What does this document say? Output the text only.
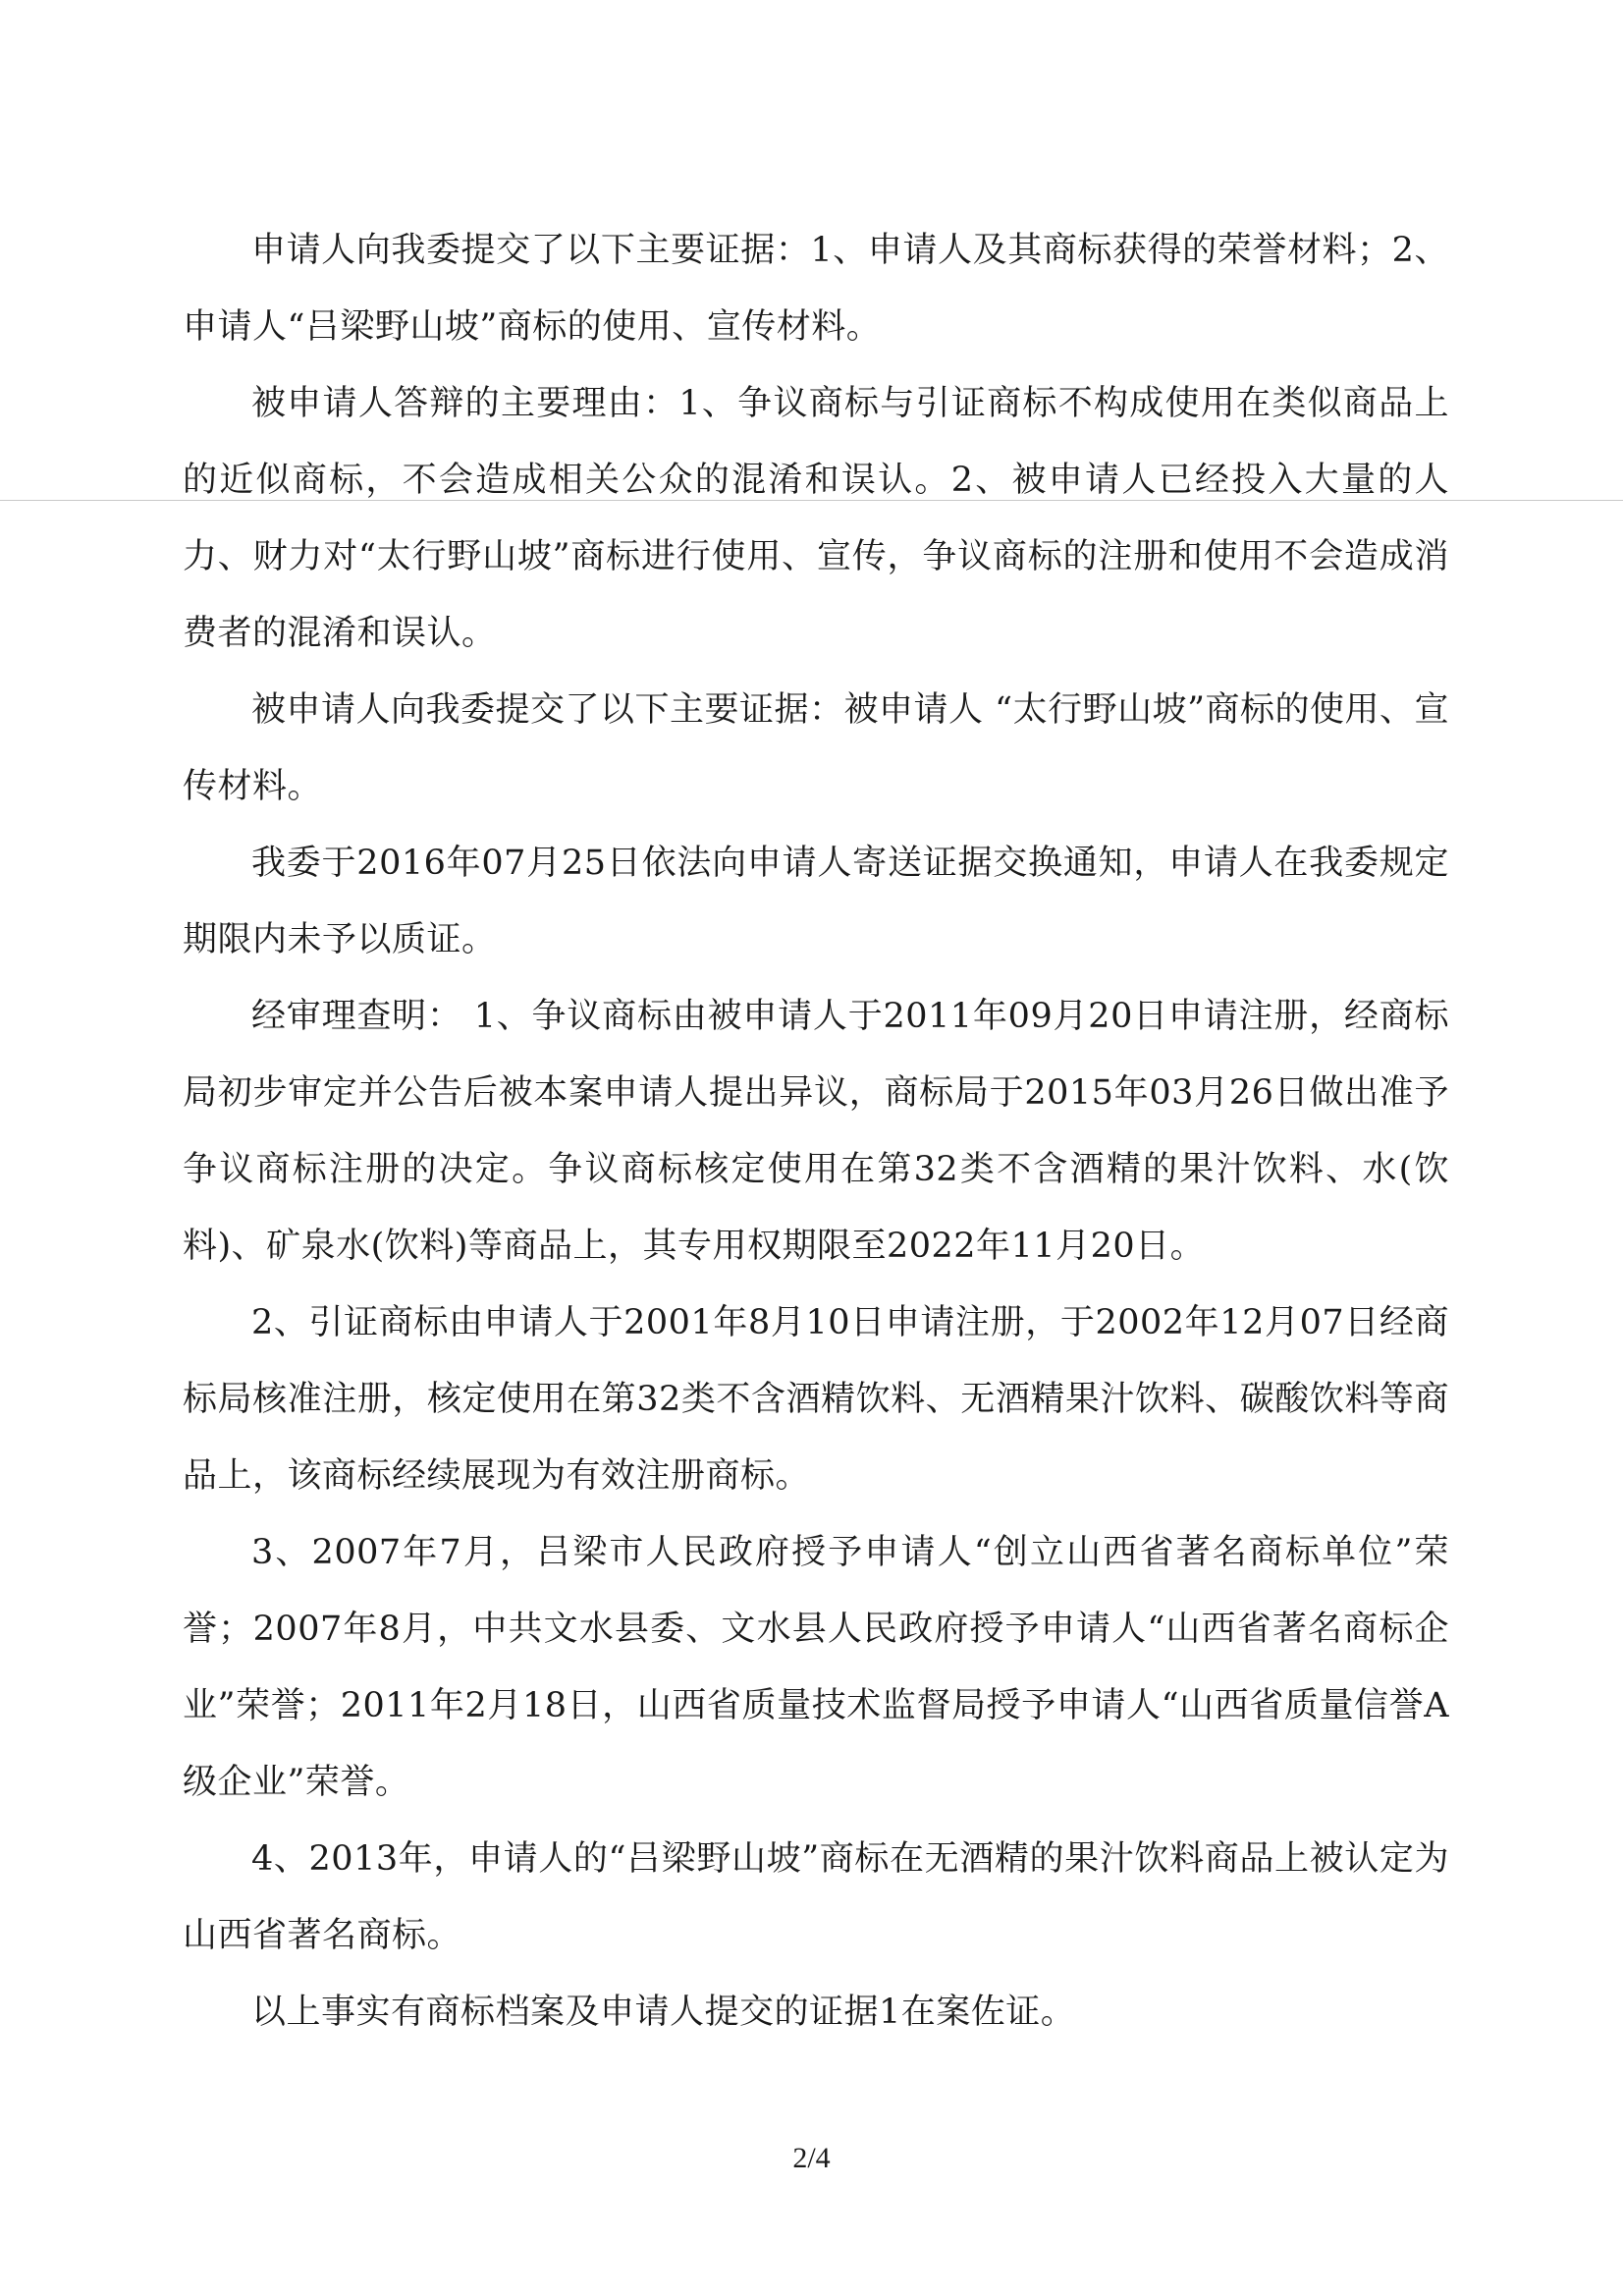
申请人向我委提交了以下主要证据：1、申请人及其商标获得的荣誉材料；2、申请人“吕梁野山坡”商标的使用、宣传材料。

被申请人答辩的主要理由：1、争议商标与引证商标不构成使用在类似商品上的近似商标，不会造成相关公众的混淆和误认。2、被申请人已经投入大量的人力、财力对“太行野山坡”商标进行使用、宣传，争议商标的注册和使用不会造成消费者的混淆和误认。

被申请人向我委提交了以下主要证据：被申请人 “太行野山坡”商标的使用、宣传材料。

我委于2016年07月25日依法向申请人寄送证据交换通知，申请人在我委规定期限内未予以质证。

经审理查明： 1、争议商标由被申请人于2011年09月20日申请注册，经商标局初步审定并公告后被本案申请人提出异议，商标局于2015年03月26日做出准予争议商标注册的决定。争议商标核定使用在第32类不含酒精的果汁饮料、水(饮料)、矿泉水(饮料)等商品上，其专用权期限至2022年11月20日。

2、引证商标由申请人于2001年8月10日申请注册，于2002年12月07日经商标局核准注册，核定使用在第32类不含酒精饮料、无酒精果汁饮料、碳酸饮料等商品上，该商标经续展现为有效注册商标。

3、2007年7月，吕梁市人民政府授予申请人“创立山西省著名商标单位”荣誉；2007年8月，中共文水县委、文水县人民政府授予申请人“山西省著名商标企业”荣誉；2011年2月18日，山西省质量技术监督局授予申请人“山西省质量信誉A级企业”荣誉。

4、2013年，申请人的“吕梁野山坡”商标在无酒精的果汁饮料商品上被认定为山西省著名商标。

以上事实有商标档案及申请人提交的证据1在案佐证。

2/4
